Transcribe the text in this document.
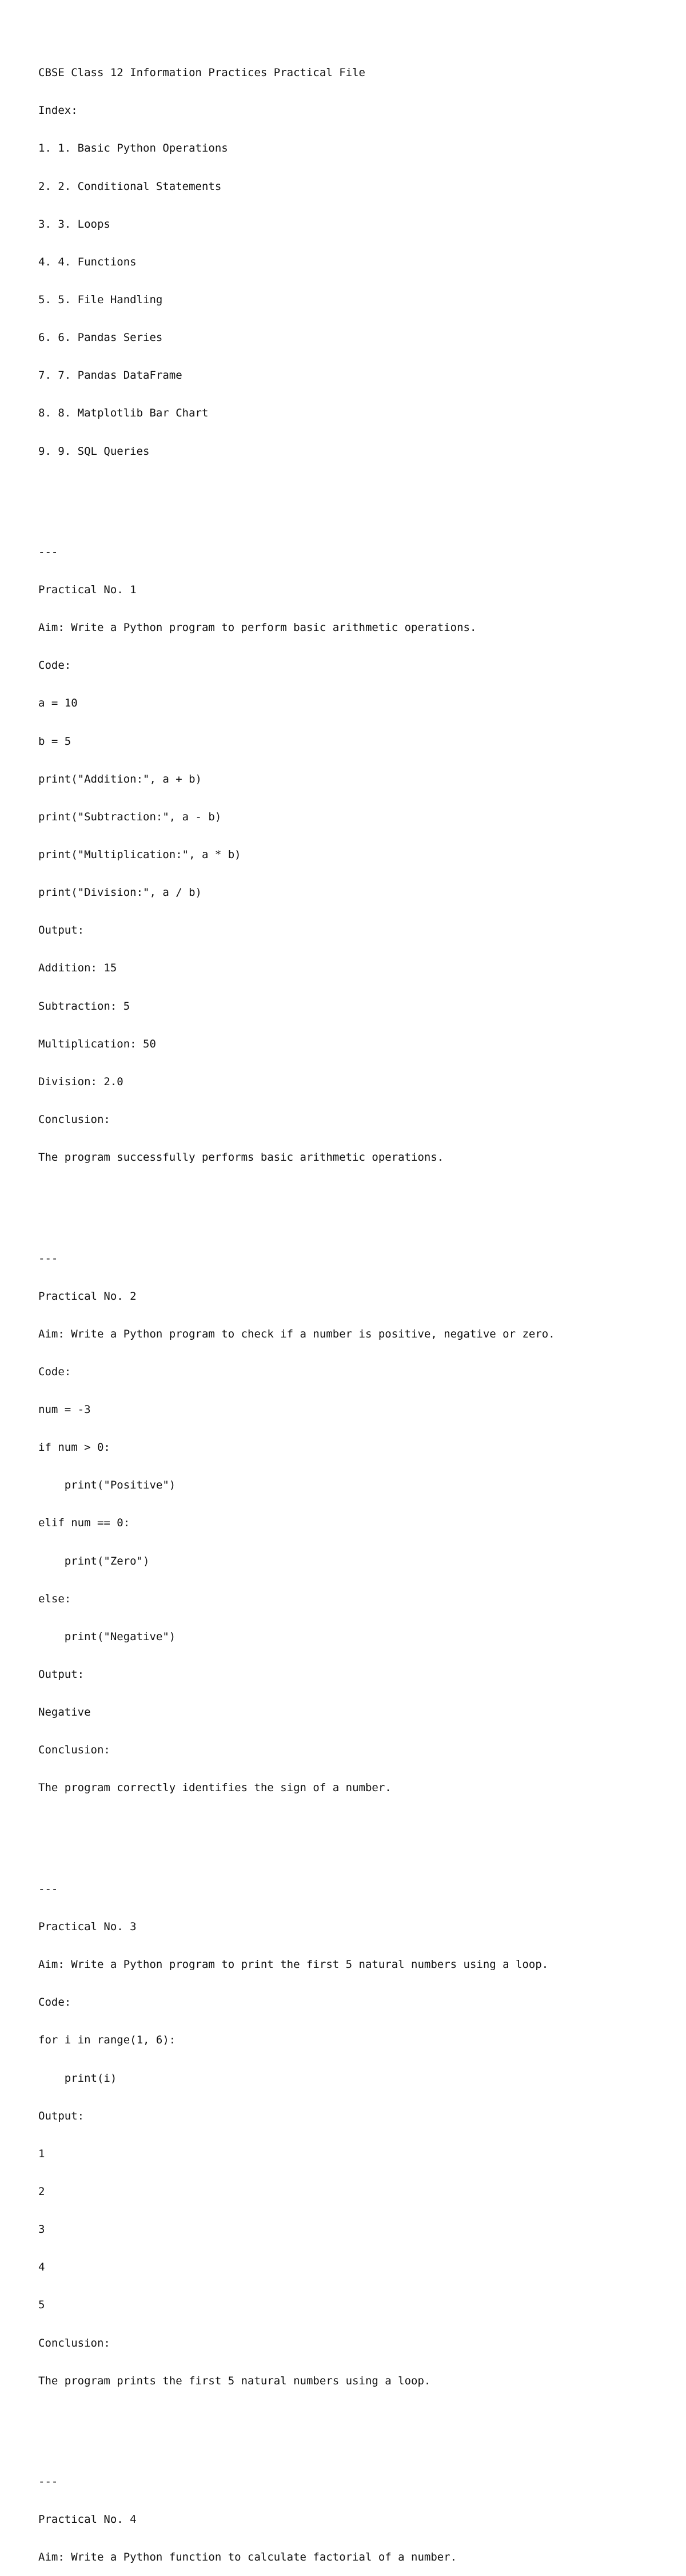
CBSE Class 12 Information Practices Practical File

Index:

1. 1. Basic Python Operations

2. 2. Conditional Statements

3. 3. Loops

4. 4. Functions

5. 5. File Handling

6. 6. Pandas Series

7. 7. Pandas DataFrame

8. 8. Matplotlib Bar Chart

9. 9. SQL Queries

---

Practical No. 1

Aim: Write a Python program to perform basic arithmetic operations.

Code:

a = 10

b = 5

print("Addition:", a + b)

print("Subtraction:", a - b)

print("Multiplication:", a * b)

print("Division:", a / b)

Output:

Addition: 15

Subtraction: 5

Multiplication: 50

Division: 2.0

Conclusion:

The program successfully performs basic arithmetic operations.

---

Practical No. 2

Aim: Write a Python program to check if a number is positive, negative or zero.

Code:

num = -3

if num > 0:

print("Positive")

elif num == 0:

print("Zero")

else:

print("Negative")

Output:

Negative

Conclusion:

The program correctly identifies the sign of a number.

---

Practical No. 3

Aim: Write a Python program to print the first 5 natural numbers using a loop.

Code:

for i in range(1, 6):

print(i)

Output:

1

2

3

4

5

Conclusion:

The program prints the first 5 natural numbers using a loop.

---

Practical No. 4

Aim: Write a Python function to calculate factorial of a number.
